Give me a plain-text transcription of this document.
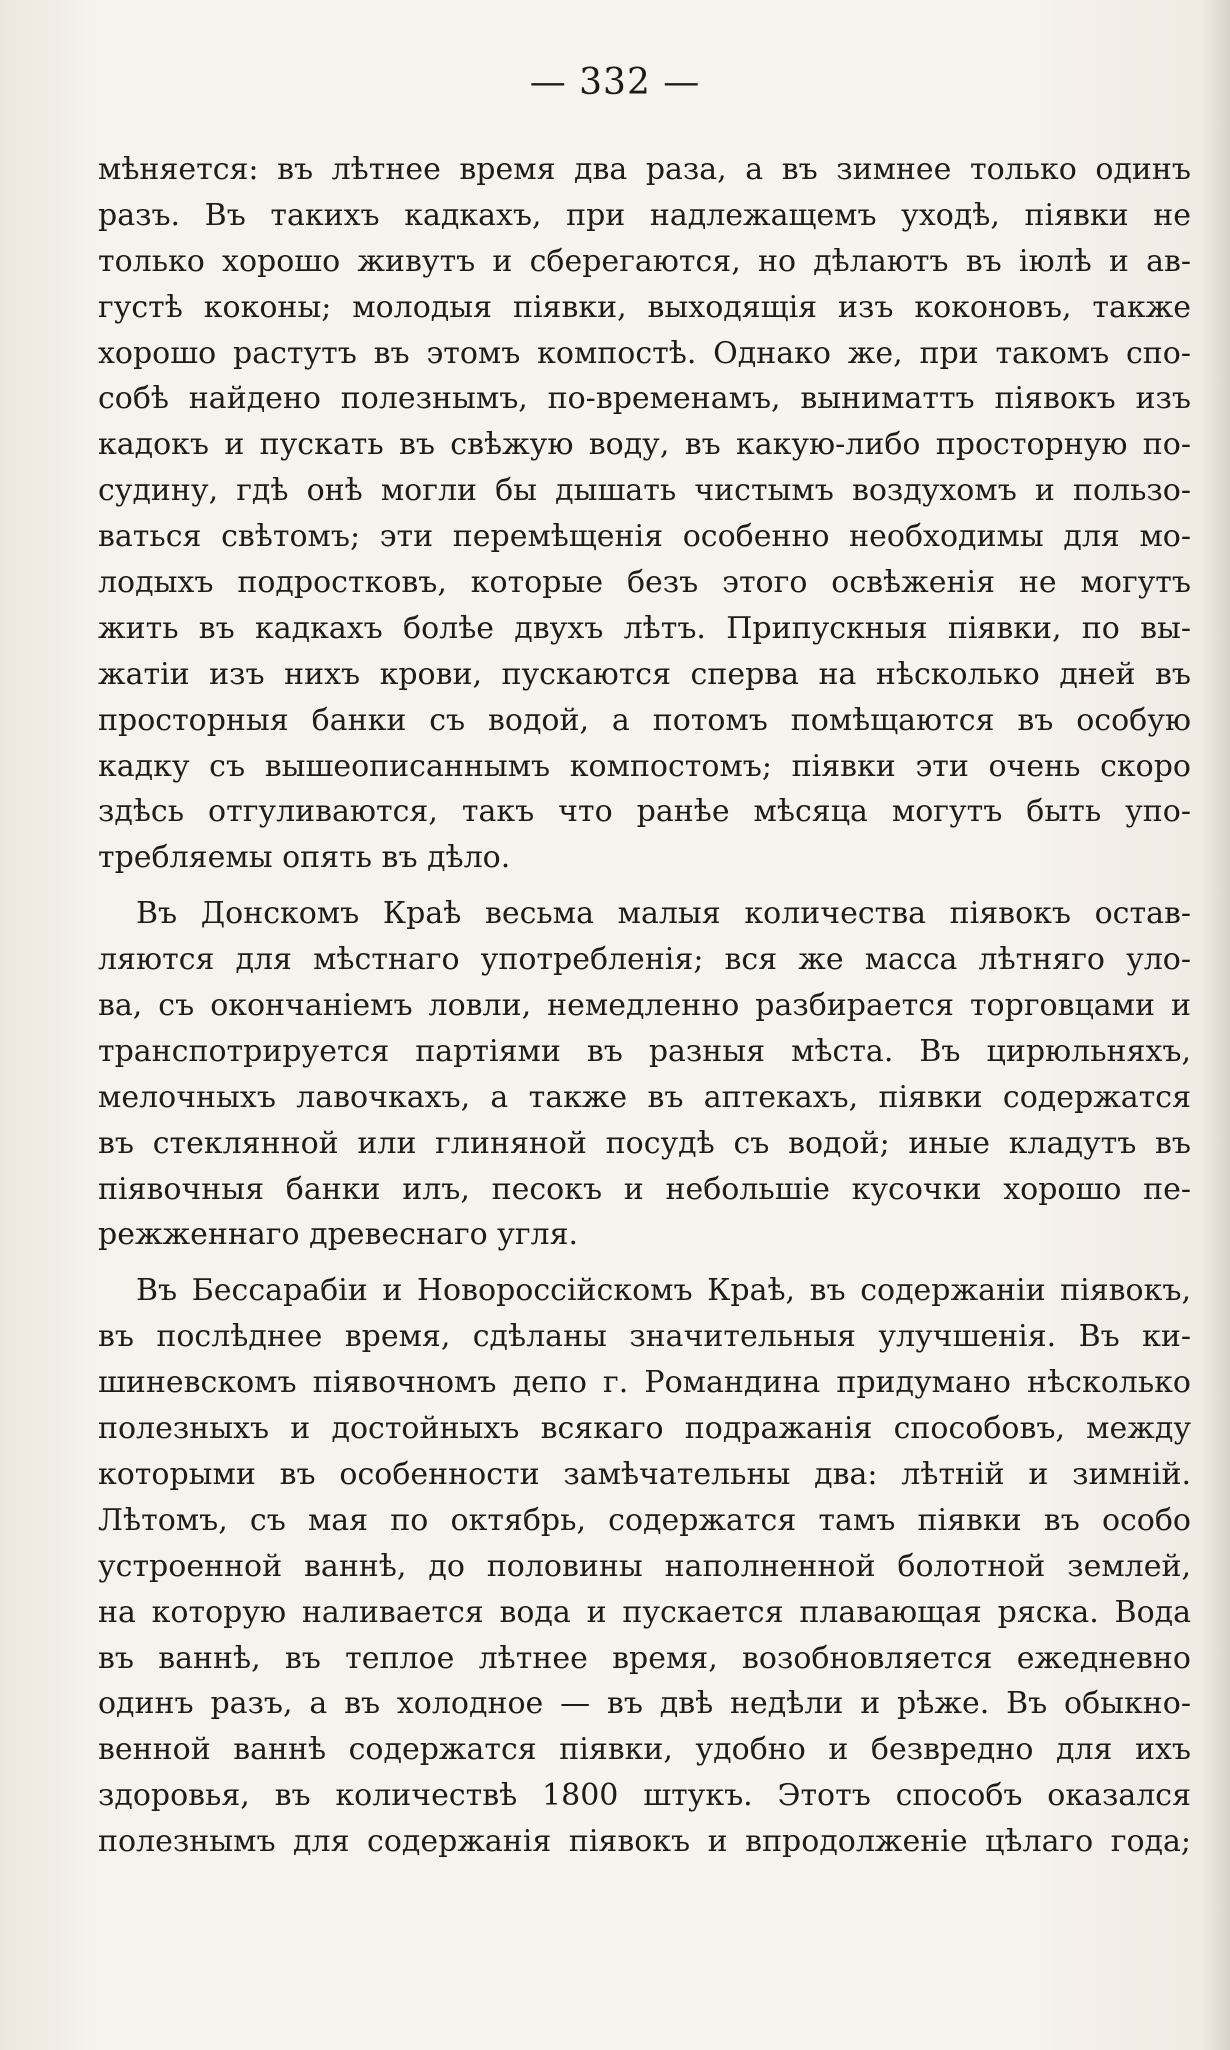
— 332 —
мѣняется: въ лѣтнее время два раза, а въ зимнее только одинъ
разъ. Въ такихъ кадкахъ, при надлежащемъ уходѣ, піявки не
только хорошо живутъ и сберегаются, но дѣлаютъ въ іюлѣ и ав-
густѣ коконы; молодыя піявки, выходящія изъ коконовъ, также
хорошо растутъ въ этомъ компостѣ. Однако же, при такомъ спо-
собѣ найдено полезнымъ, по-временамъ, выниматтъ піявокъ изъ
кадокъ и пускать въ свѣжую воду, въ какую-либо просторную по-
судину, гдѣ онѣ могли бы дышать чистымъ воздухомъ и пользо-
ваться свѣтомъ; эти перемѣщенія особенно необходимы для мо-
лодыхъ подростковъ, которые безъ этого освѣженія не могутъ
жить въ кадкахъ болѣе двухъ лѣтъ. Припускныя піявки, по вы-
жатіи изъ нихъ крови, пускаются сперва на нѣсколько дней въ
просторныя банки съ водой, а потомъ помѣщаются въ особую
кадку съ вышеописаннымъ компостомъ; піявки эти очень скоро
здѣсь отгуливаются, такъ что ранѣе мѣсяца могутъ быть упо-
требляемы опять въ дѣло.
Въ Донскомъ Краѣ весьма малыя количества піявокъ остав-
ляются для мѣстнаго употребленія; вся же масса лѣтняго уло-
ва, съ окончаніемъ ловли, немедленно разбирается торговцами и
транспотрируется партіями въ разныя мѣста. Въ цирюльняхъ,
мелочныхъ лавочкахъ, а также въ аптекахъ, піявки содержатся
въ стеклянной или глиняной посудѣ съ водой; иные кладутъ въ
піявочныя банки илъ, песокъ и небольшіе кусочки хорошо пе-
режженнаго древеснаго угля.
Въ Бессарабіи и Новороссійскомъ Краѣ, въ содержаніи піявокъ,
въ послѣднее время, сдѣланы значительныя улучшенія. Въ ки-
шиневскомъ піявочномъ депо г. Романдина придумано нѣсколько
полезныхъ и достойныхъ всякаго подражанія способовъ, между
которыми въ особенности замѣчательны два: лѣтній и зимній.
Лѣтомъ, съ мая по октябрь, содержатся тамъ піявки въ особо
устроенной ваннѣ, до половины наполненной болотной землей,
на которую наливается вода и пускается плавающая ряска. Вода
въ ваннѣ, въ теплое лѣтнее время, возобновляется ежедневно
одинъ разъ, а въ холодное — въ двѣ недѣли и рѣже. Въ обыкно-
венной ваннѣ содержатся піявки, удобно и безвредно для ихъ
здоровья, въ количествѣ 1800 штукъ. Этотъ способъ оказался
полезнымъ для содержанія піявокъ и впродолженіе цѣлаго года;
